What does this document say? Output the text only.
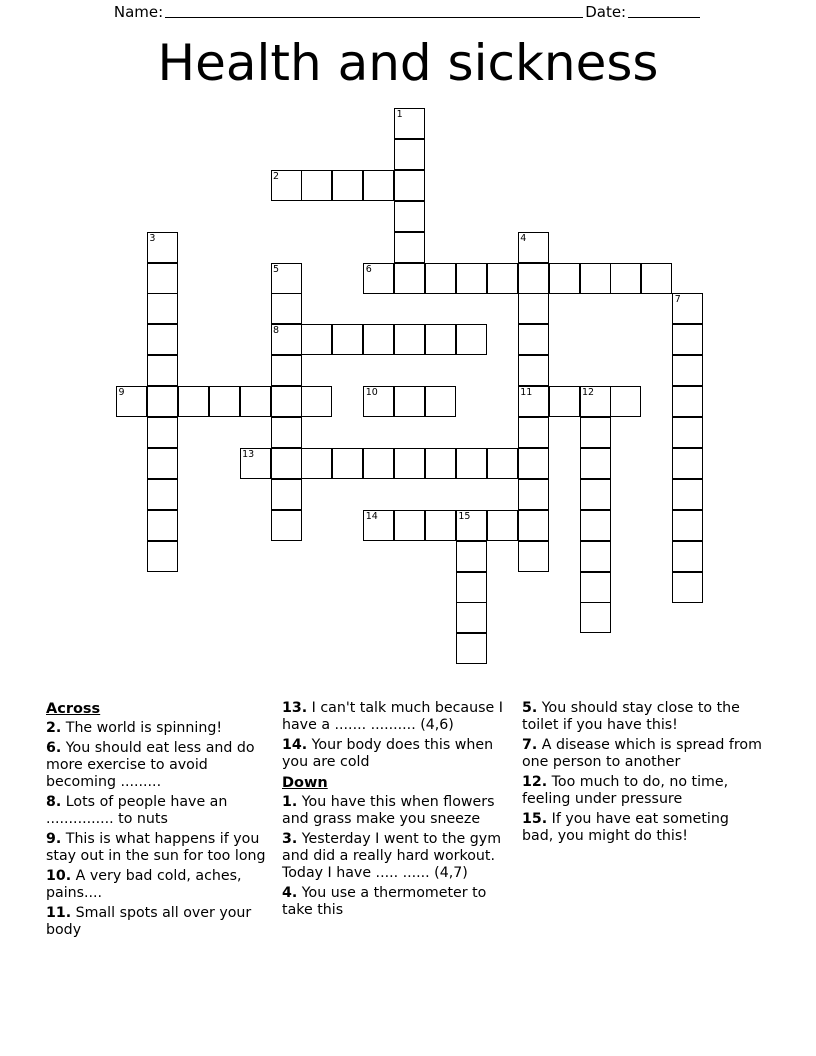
Name:	Date:
Health and sickness
1
2
3	4
5	6
7
8
9	10	11	12
13
14	15
Across

2. The world is spinning!

6. You should eat less and do more exercise to avoid becoming .........

8. Lots of people have an ............... to nuts

9. This is what happens if you stay out in the sun for too long

10. A very bad cold, aches, pains....

11. Small spots all over your body

13. I can't talk much because I have a ....... .......... (4,6)

14. Your body does this when you are cold

Down

1. You have this when flowers and grass make you sneeze

3. Yesterday I went to the gym and did a really hard workout. Today I have ..... ...... (4,7)

4. You use a thermometer to take this

5. You should stay close to the toilet if you have this!

7. A disease which is spread from one person to another

12. Too much to do, no time, feeling under pressure

15. If you have eat someting bad, you might do this!
